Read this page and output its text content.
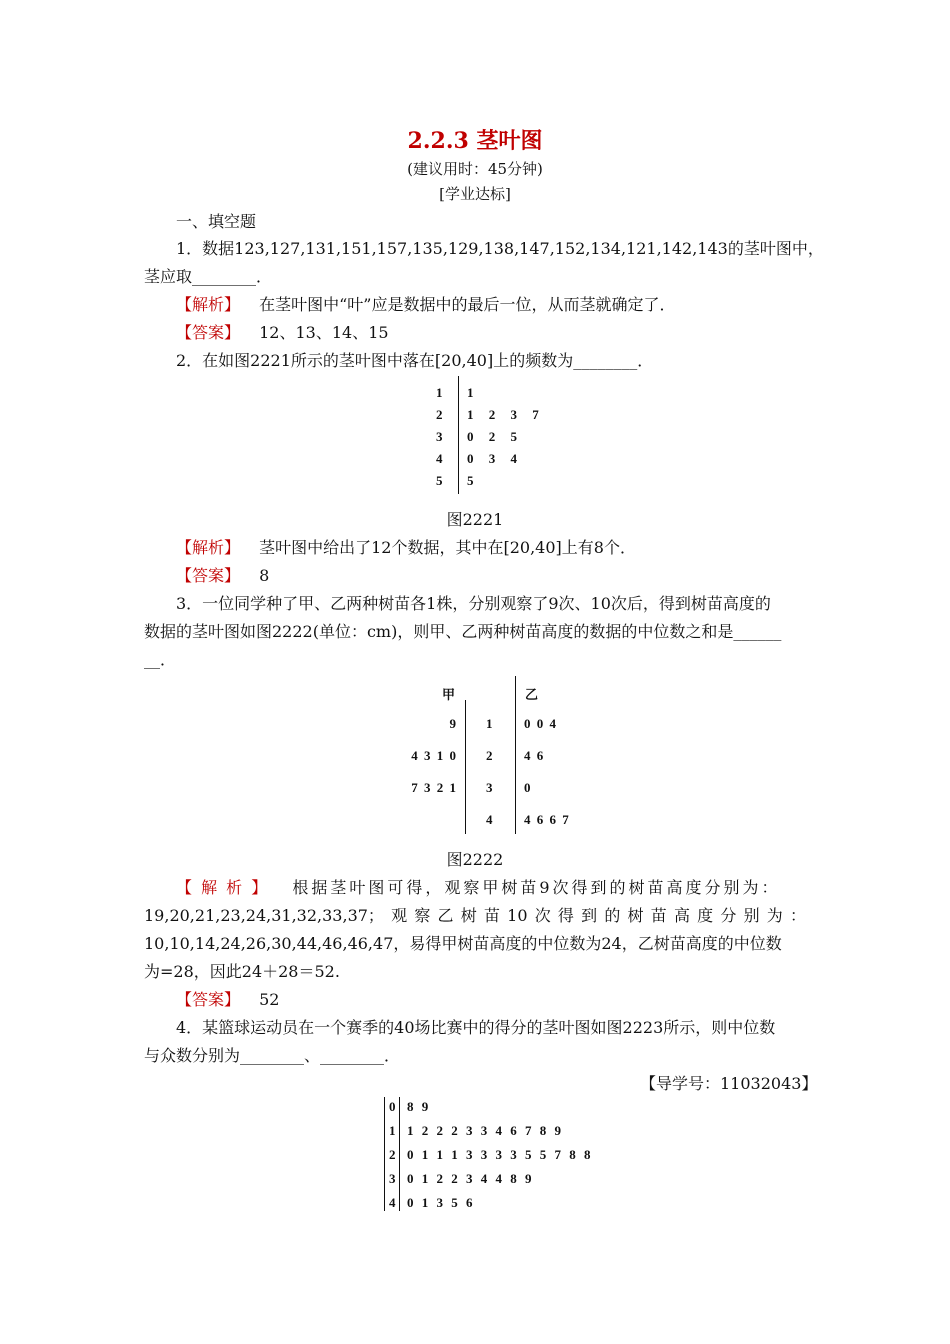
2.2.3 茎叶图
(建议用时：45分钟)
[学业达标]
一、填空题
1．数据123,127,131,151,157,135,129,138,147,152,134,121,142,143的茎叶图中，
茎应取________．
【解析】 在茎叶图中“叶”应是数据中的最后一位，从而茎就确定了．
【答案】 12、13、14、15
2．在如图2221所示的茎叶图中落在[20,40]上的频数为________．
1
2
3
4
5
1
1 2 3 7
0 2 5
0 3 4
5
图2221
【解析】 茎叶图中给出了12个数据，其中在[20,40]上有8个．
【答案】 8
3．一位同学种了甲、乙两种树苗各1株，分别观察了9次、10次后，得到树苗高度的
数据的茎叶图如图2222(单位：cm)，则甲、乙两种树苗高度的数据的中位数之和是______
__．
甲	乙
9
4 3 1 0
7 3 2 1
1
2
3
4
0 0 4
4 6
0
4 6 6 7
图2222
【 解 析 】 根据茎叶图可得，观察甲树苗9次得到的树苗高度分别为：
19,20,21,23,24,31,32,33,37；观察乙树苗10次得到的树苗高度分别为：
10,10,14,24,26,30,44,46,46,47，易得甲树苗高度的中位数为24，乙树苗高度的中位数
为=28，因此24＋28＝52.
【答案】 52
4．某篮球运动员在一个赛季的40场比赛中的得分的茎叶图如图2223所示，则中位数
与众数分别为________、________．
【导学号：11032043】
0
1
2
3
4
8 9
1 2 2 2 3 3 4 6 7 8 9
0 1 1 1 3 3 3 3 5 5 7 8 8
0 1 2 2 3 4 4 8 9
0 1 3 5 6
